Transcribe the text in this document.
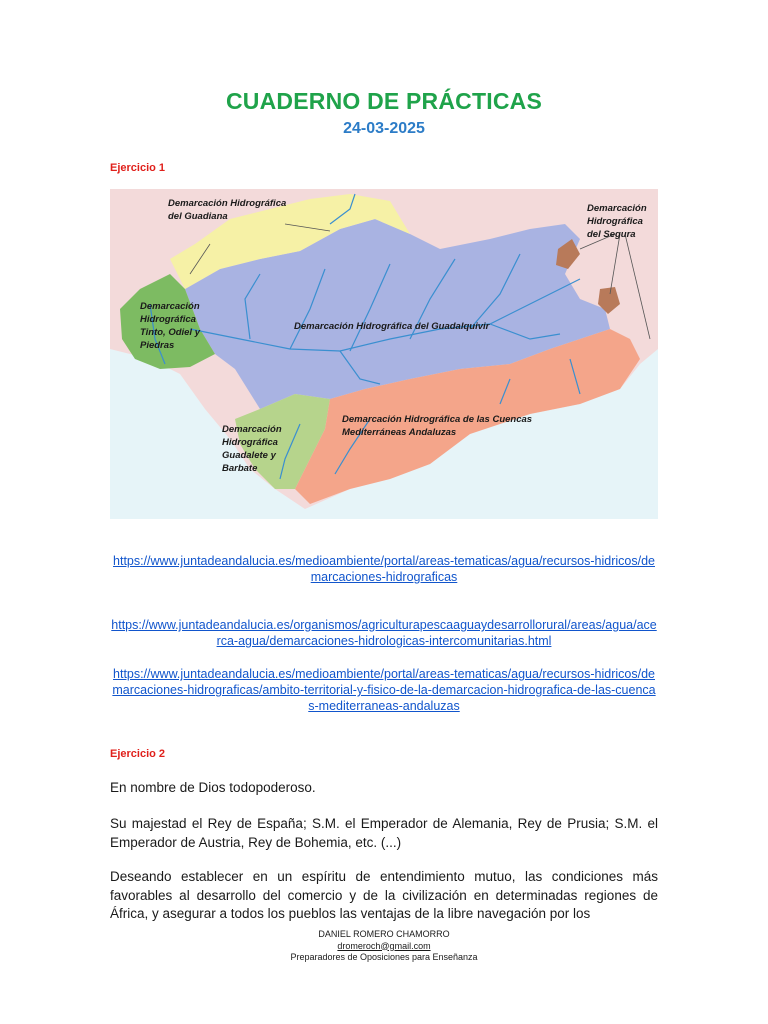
CUADERNO DE PRÁCTICAS
24-03-2025
Ejercicio 1
Demarcación Hidrográfica
del Guadiana
Demarcación
Hidrográfica
del Segura
Demarcación
Hidrográfica
Tinto, Odiel y
Piedras
Demarcación Hidrográfica del Guadalquivir
Demarcación
Hidrográfica
Guadalete y
Barbate
Demarcación Hidrográfica de las Cuencas
Mediterráneas Andaluzas
https://www.juntadeandalucia.es/medioambiente/portal/areas-tematicas/agua/recursos-hidricos/demarcaciones-hidrograficas
https://www.juntadeandalucia.es/organismos/agriculturapescaaguaydesarrollorural/areas/agua/acerca-agua/demarcaciones-hidrologicas-intercomunitarias.html
https://www.juntadeandalucia.es/medioambiente/portal/areas-tematicas/agua/recursos-hidricos/demarcaciones-hidrograficas/ambito-territorial-y-fisico-de-la-demarcacion-hidrografica-de-las-cuencas-mediterraneas-andaluzas
Ejercicio 2
En nombre de Dios todopoderoso.
Su majestad el Rey de España; S.M. el Emperador de Alemania, Rey de Prusia; S.M. el Emperador de Austria, Rey de Bohemia, etc. (...)
Deseando establecer en un espíritu de entendimiento mutuo, las condiciones más favorables al desarrollo del comercio y de la civilización en determinadas regiones de África, y asegurar a todos los pueblos las ventajas de la libre navegación por los
DANIEL ROMERO CHAMORRO
dromeroch@gmail.com
Preparadores de Oposiciones para Enseñanza
